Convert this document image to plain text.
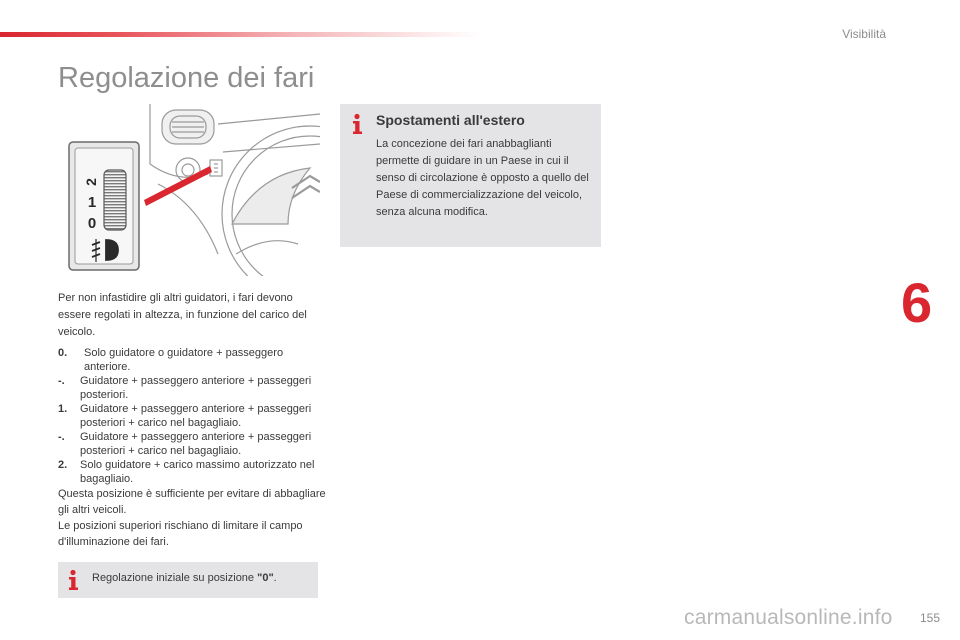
Visibilità
Regolazione dei fari
2
1
0

Per non infastidire gli altri guidatori, i fari devono essere regolati in altezza, in funzione del carico del veicolo.

0.	Solo guidatore o guidatore + passeggero anteriore.
-. Guidatore + passeggero anteriore + passeggeri posteriori.
1. Guidatore + passeggero anteriore + passeggeri posteriori + carico nel bagagliaio.
-. Guidatore + passeggero anteriore + passeggeri posteriori + carico nel bagagliaio.
2. Solo guidatore + carico massimo autorizzato nel bagagliaio.
Questa posizione è sufficiente per evitare di abbagliare gli altri veicoli.
Le posizioni superiori rischiano di limitare il campo d'illuminazione dei fari.
Regolazione iniziale su posizione "0".
Spostamenti all'estero

La concezione dei fari anabbaglianti permette di guidare in un Paese in cui il senso di circolazione è opposto a quello del Paese di commercializzazione del veicolo, senza alcuna modifica.

6
carmanualsonline.info 155
